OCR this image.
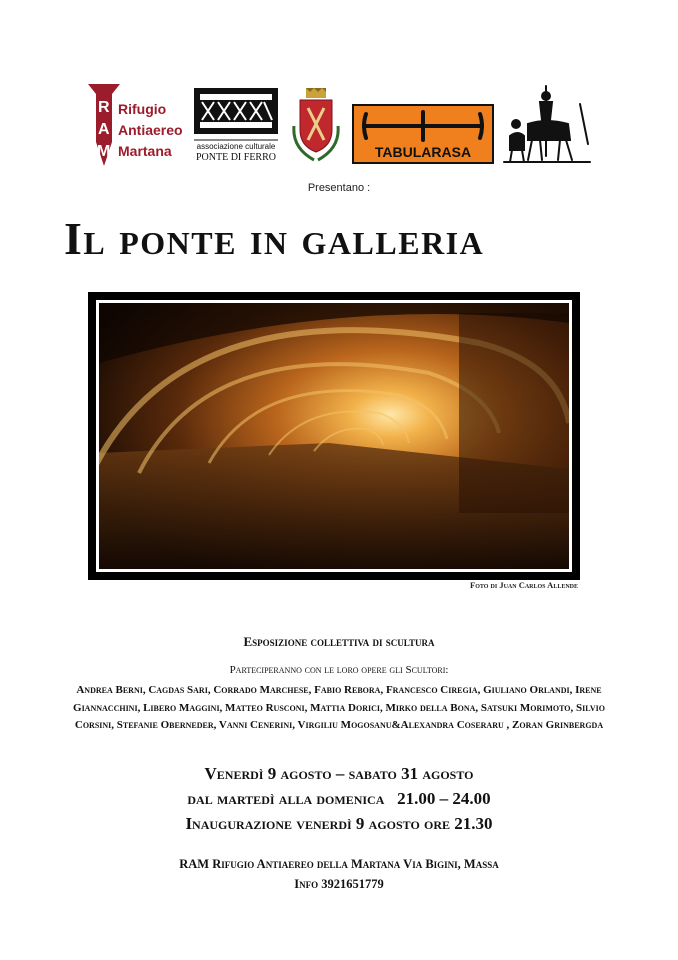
R
A
M
Rifugio
Antiaereo
Martana	associazione culturale
PONTE DI FERRO	TABULARASA
Presentano :
Il ponte in galleria
Foto di Juan Carlos Allende
Esposizione collettiva di scultura
Parteciperanno con le loro opere gli Scultori:
Andrea Berni, Cagdas Sari, Corrado Marchese, Fabio Rebora, Francesco Ciregia, Giuliano Orlandi, Irene Giannacchini, Libero Maggini, Matteo Rusconi, Mattia Dorici, Mirko della Bona, Satsuki Morimoto, Silvio Corsini, Stefanie Oberneder, Vanni Cenerini, Virgiliu Mogosanu&Alexandra Coseraru , Zoran Grinbergda
Venerdì 9 agosto – sabato 31 agosto
dal martedì alla domenica   21.00 – 24.00
Inaugurazione venerdì 9 agosto ore 21.30
RAM Rifugio Antiaereo della Martana Via Bigini, Massa
Info 3921651779
